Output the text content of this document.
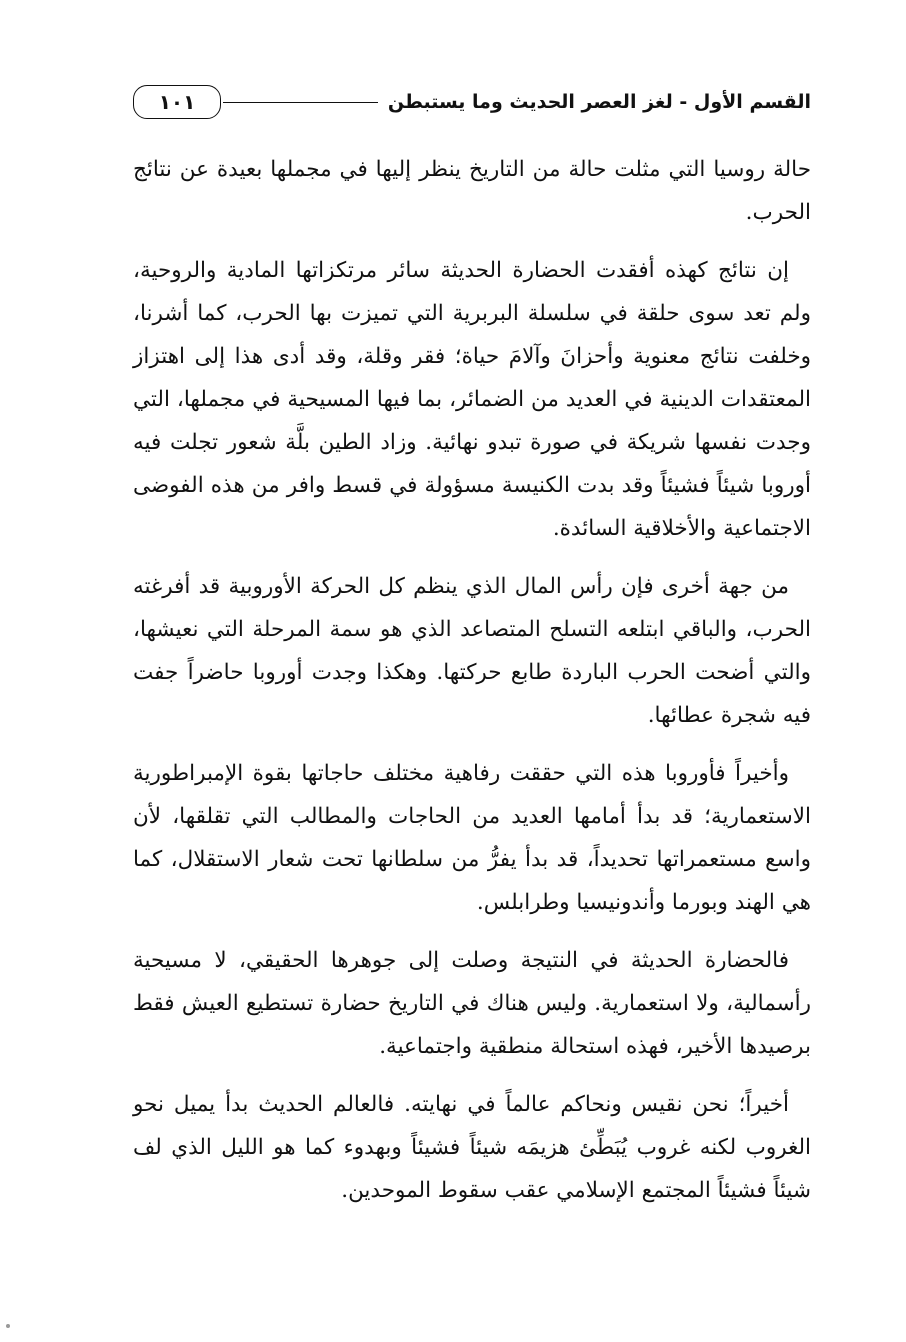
القسم الأول - لغز العصر الحديث وما يستبطن
١٠١

حالة روسيا التي مثلت حالة من التاريخ ينظر إليها في مجملها بعيدة عن نتائج الحرب.

إن نتائج كهذه أفقدت الحضارة الحديثة سائر مرتكزاتها المادية والروحية، ولم تعد سوى حلقة في سلسلة البربرية التي تميزت بها الحرب، كما أشرنا، وخلفت نتائج معنوية وأحزانَ وآلامَ حياة؛ فقر وقلة، وقد أدى هذا إلى اهتزاز المعتقدات الدينية في العديد من الضمائر، بما فيها المسيحية في مجملها، التي وجدت نفسها شريكة في صورة تبدو نهائية. وزاد الطين بلَّة شعور تجلت فيه أوروبا شيئاً فشيئاً وقد بدت الكنيسة مسؤولة في قسط وافر من هذه الفوضى الاجتماعية والأخلاقية السائدة.

من جهة أخرى فإن رأس المال الذي ينظم كل الحركة الأوروبية قد أفرغته الحرب، والباقي ابتلعه التسلح المتصاعد الذي هو سمة المرحلة التي نعيشها، والتي أضحت الحرب الباردة طابع حركتها. وهكذا وجدت أوروبا حاضراً جفت فيه شجرة عطائها.

وأخيراً فأوروبا هذه التي حققت رفاهية مختلف حاجاتها بقوة الإمبراطورية الاستعمارية؛ قد بدأ أمامها العديد من الحاجات والمطالب التي تقلقها، لأن واسع مستعمراتها تحديداً، قد بدأ يفرُّ من سلطانها تحت شعار الاستقلال، كما هي الهند وبورما وأندونيسيا وطرابلس.

فالحضارة الحديثة في النتيجة وصلت إلى جوهرها الحقيقي، لا مسيحية رأسمالية، ولا استعمارية. وليس هناك في التاريخ حضارة تستطيع العيش فقط برصيدها الأخير، فهذه استحالة منطقية واجتماعية.

أخيراً؛ نحن نقيس ونحاكم عالماً في نهايته. فالعالم الحديث بدأ يميل نحو الغروب لكنه غروب يُبَطِّئ هزيمَه شيئاً فشيئاً وبهدوء كما هو الليل الذي لف شيئاً فشيئاً المجتمع الإسلامي عقب سقوط الموحدين.
